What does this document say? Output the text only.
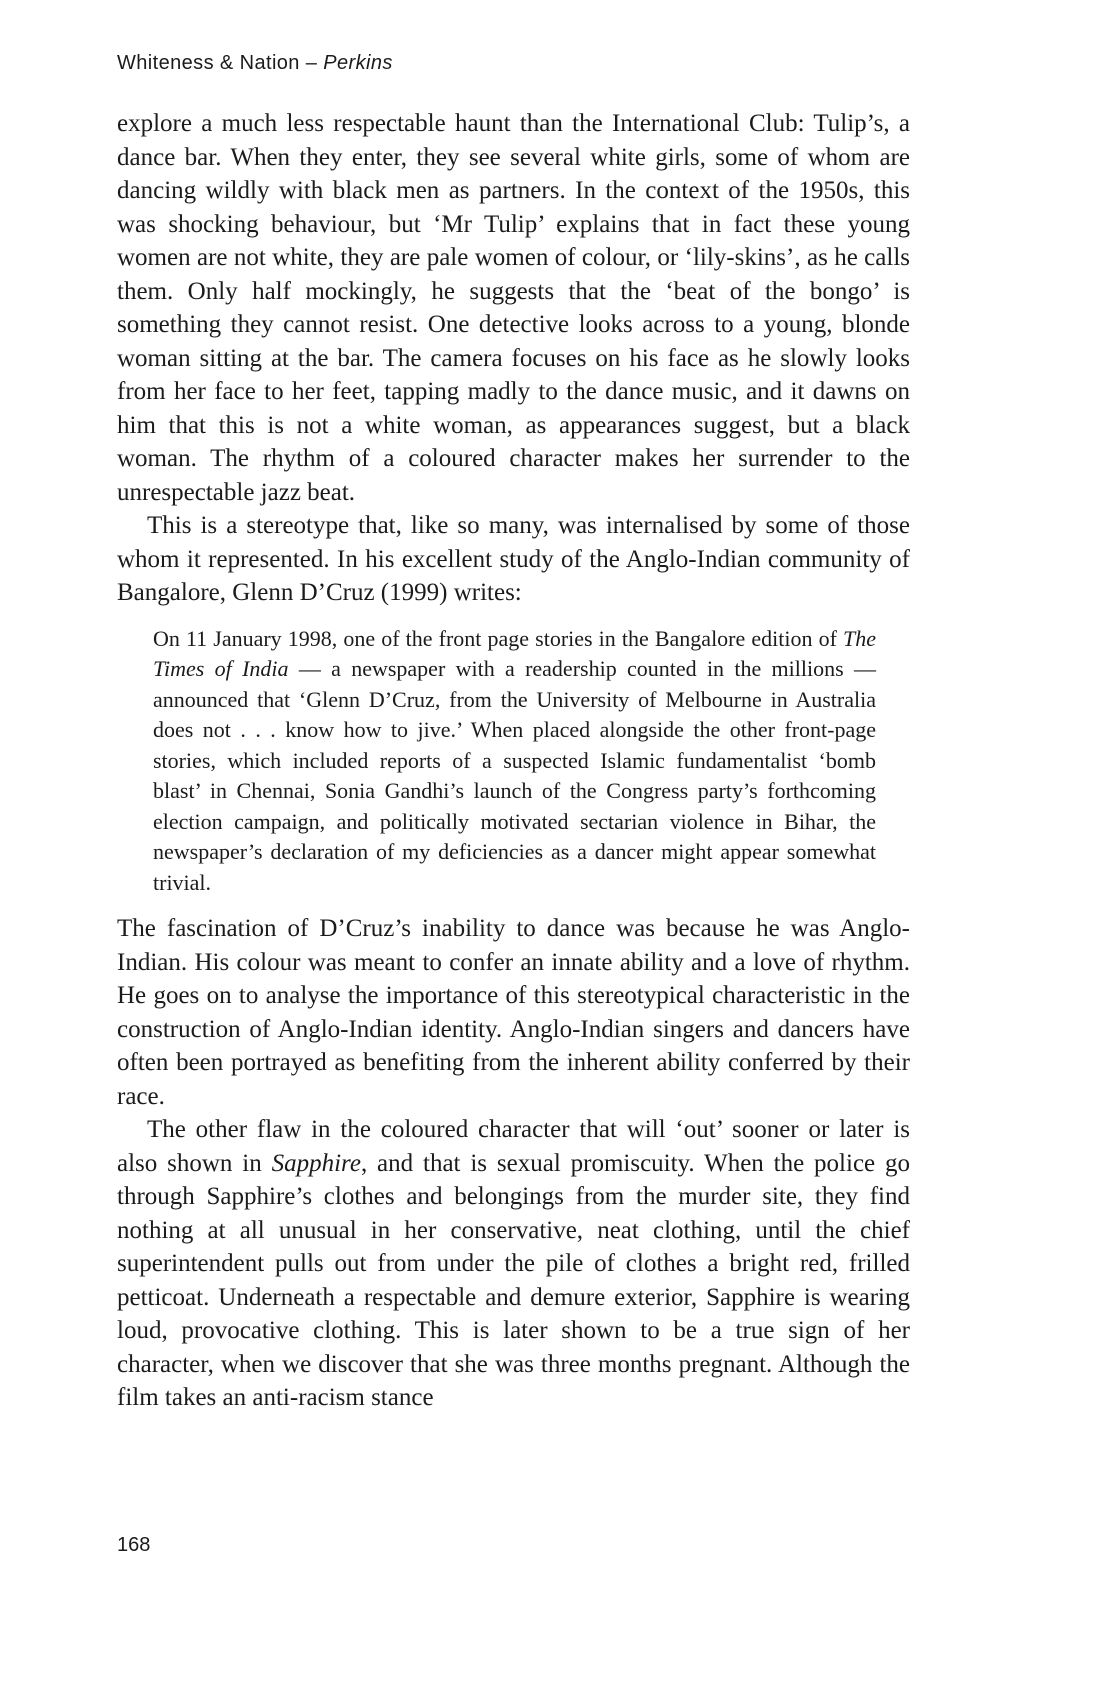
Whiteness & Nation – Perkins

explore a much less respectable haunt than the International Club: Tulip’s, a dance bar. When they enter, they see several white girls, some of whom are dancing wildly with black men as partners. In the context of the 1950s, this was shocking behaviour, but ‘Mr Tulip’ explains that in fact these young women are not white, they are pale women of colour, or ‘lily-skins’, as he calls them. Only half mockingly, he suggests that the ‘beat of the bongo’ is something they cannot resist. One detective looks across to a young, blonde woman sitting at the bar. The camera focuses on his face as he slowly looks from her face to her feet, tapping madly to the dance music, and it dawns on him that this is not a white woman, as appearances suggest, but a black woman. The rhythm of a coloured character makes her surrender to the unrespectable jazz beat.

This is a stereotype that, like so many, was internalised by some of those whom it represented. In his excellent study of the Anglo-Indian community of Bangalore, Glenn D’Cruz (1999) writes:

On 11 January 1998, one of the front page stories in the Bangalore edition of The Times of India — a newspaper with a readership counted in the millions — announced that ‘Glenn D’Cruz, from the University of Melbourne in Australia does not . . . know how to jive.’ When placed alongside the other front-page stories, which included reports of a suspected Islamic fundamentalist ‘bomb blast’ in Chennai, Sonia Gandhi’s launch of the Congress party’s forthcoming election campaign, and politically motivated sectarian violence in Bihar, the newspaper’s declaration of my deficiencies as a dancer might appear somewhat trivial.

The fascination of D’Cruz’s inability to dance was because he was Anglo-Indian. His colour was meant to confer an innate ability and a love of rhythm. He goes on to analyse the importance of this stereotypical characteristic in the construction of Anglo-Indian identity. Anglo-Indian singers and dancers have often been portrayed as benefiting from the inherent ability conferred by their race.

The other flaw in the coloured character that will ‘out’ sooner or later is also shown in Sapphire, and that is sexual promiscuity. When the police go through Sapphire’s clothes and belongings from the murder site, they find nothing at all unusual in her conservative, neat clothing, until the chief superintendent pulls out from under the pile of clothes a bright red, frilled petticoat. Underneath a respectable and demure exterior, Sapphire is wearing loud, provocative clothing. This is later shown to be a true sign of her character, when we discover that she was three months pregnant. Although the film takes an anti-racism stance

168
